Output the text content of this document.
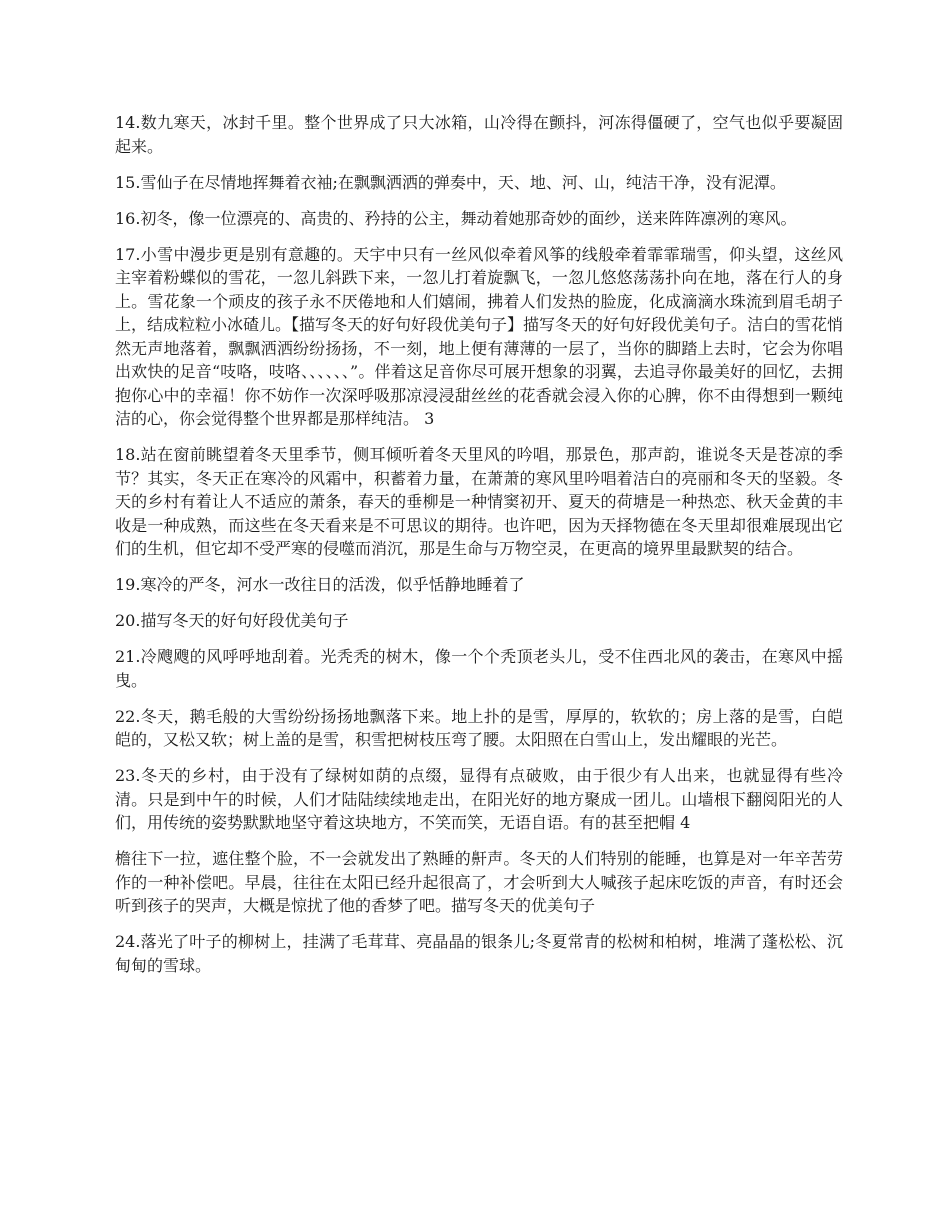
14.数九寒天，冰封千里。整个世界成了只大冰箱，山冷得在颤抖，河冻得僵硬了，空气也似乎要凝固起来。

15.雪仙子在尽情地挥舞着衣袖;在飘飘洒洒的弹奏中，天、地、河、山，纯洁干净，没有泥潭。

16.初冬，像一位漂亮的、高贵的、矜持的公主，舞动着她那奇妙的面纱，送来阵阵凛冽的寒风。

17.小雪中漫步更是别有意趣的。天宇中只有一丝风似牵着风筝的线般牵着霏霏瑞雪，仰头望，这丝风主宰着粉蝶似的雪花，一忽儿斜跌下来，一忽儿打着旋飘飞，一忽儿悠悠荡荡扑向在地，落在行人的身上。雪花象一个顽皮的孩子永不厌倦地和人们嬉闹，拂着人们发热的脸庞，化成滴滴水珠流到眉毛胡子上，结成粒粒小冰碴儿。【描写冬天的好句好段优美句子】描写冬天的好句好段优美句子。洁白的雪花悄然无声地落着，飘飘洒洒纷纷扬扬，不一刻，地上便有薄薄的一层了，当你的脚踏上去时，它会为你唱出欢快的足音“吱咯，吱咯、、、、、、”。伴着这足音你尽可展开想象的羽翼，去追寻你最美好的回忆，去拥抱你心中的幸福！你不妨作一次深呼吸那凉浸浸甜丝丝的花香就会浸入你的心脾，你不由得想到一颗纯洁的心，你会觉得整个世界都是那样纯洁。 3

18.站在窗前眺望着冬天里季节，侧耳倾听着冬天里风的吟唱，那景色，那声韵，谁说冬天是苍凉的季节？其实，冬天正在寒冷的风霜中，积蓄着力量，在萧萧的寒风里吟唱着洁白的亮丽和冬天的坚毅。冬天的乡村有着让人不适应的萧条，春天的垂柳是一种情窦初开、夏天的荷塘是一种热恋、秋天金黄的丰收是一种成熟，而这些在冬天看来是不可思议的期待。也许吧，因为天择物德在冬天里却很难展现出它们的生机，但它却不受严寒的侵噬而消沉，那是生命与万物空灵，在更高的境界里最默契的结合。

19.寒冷的严冬，河水一改往日的活泼，似乎恬静地睡着了

20.描写冬天的好句好段优美句子

21.冷飕飕的风呼呼地刮着。光秃秃的树木，像一个个秃顶老头儿，受不住西北风的袭击，在寒风中摇曳。

22.冬天，鹅毛般的大雪纷纷扬扬地飘落下来。地上扑的是雪，厚厚的，软软的；房上落的是雪，白皑皑的，又松又软；树上盖的是雪，积雪把树枝压弯了腰。太阳照在白雪山上，发出耀眼的光芒。

23.冬天的乡村，由于没有了绿树如荫的点缀，显得有点破败，由于很少有人出来，也就显得有些冷清。只是到中午的时候，人们才陆陆续续地走出，在阳光好的地方聚成一团儿。山墙根下翻阅阳光的人们，用传统的姿势默默地坚守着这块地方，不笑而笑，无语自语。有的甚至把帽 4

檐往下一拉，遮住整个脸，不一会就发出了熟睡的鼾声。冬天的人们特别的能睡，也算是对一年辛苦劳作的一种补偿吧。早晨，往往在太阳已经升起很高了，才会听到大人喊孩子起床吃饭的声音，有时还会听到孩子的哭声，大概是惊扰了他的香梦了吧。描写冬天的优美句子

24.落光了叶子的柳树上，挂满了毛茸茸、亮晶晶的银条儿;冬夏常青的松树和柏树，堆满了蓬松松、沉甸甸的雪球。
